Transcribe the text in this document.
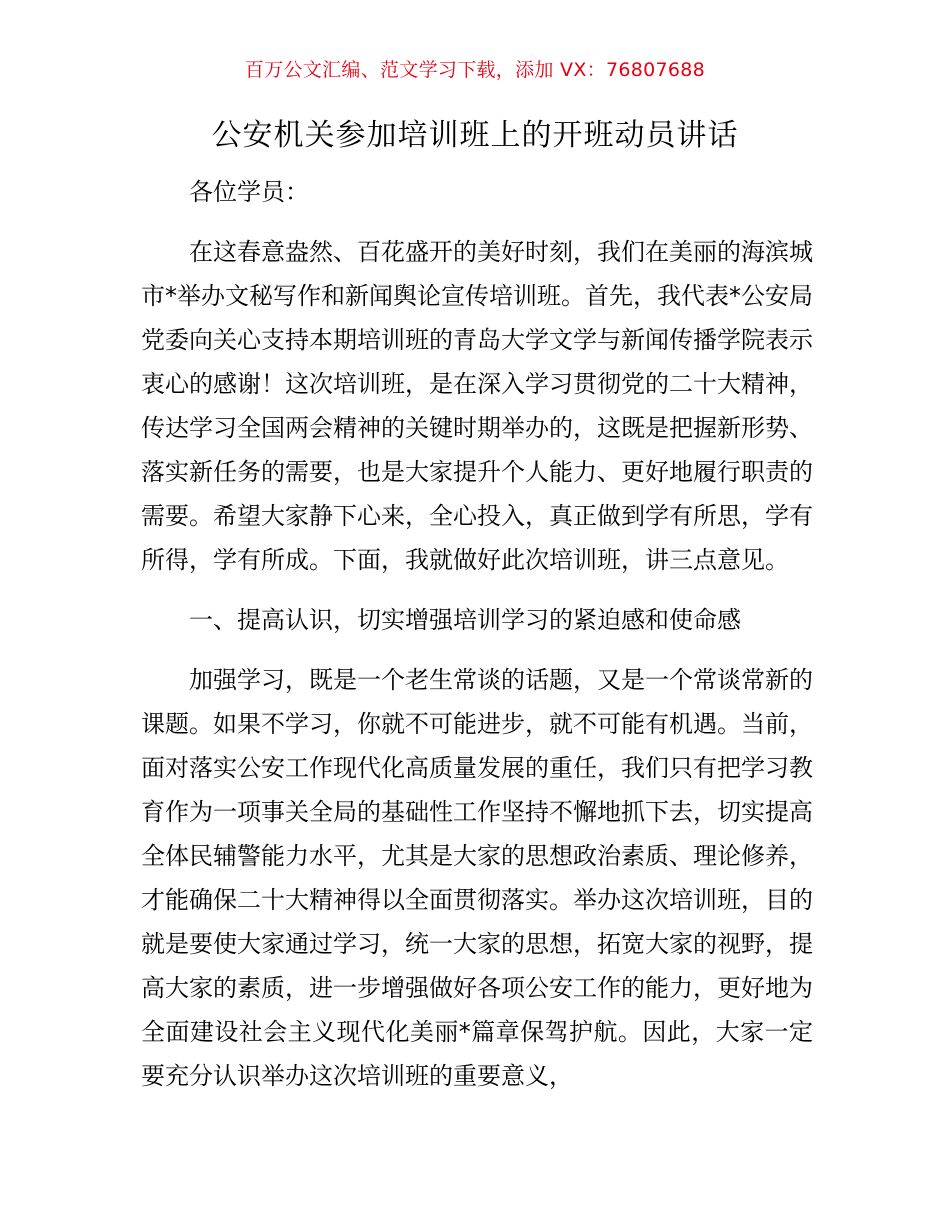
百万公文汇编、范文学习下载，添加 VX：76807688
公安机关参加培训班上的开班动员讲话

各位学员：

在这春意盎然、百花盛开的美好时刻，我们在美丽的海滨城市*举办文秘写作和新闻舆论宣传培训班。首先，我代表*公安局党委向关心支持本期培训班的青岛大学文学与新闻传播学院表示衷心的感谢！这次培训班，是在深入学习贯彻党的二十大精神，传达学习全国两会精神的关键时期举办的，这既是把握新形势、落实新任务的需要，也是大家提升个人能力、更好地履行职责的需要。希望大家静下心来，全心投入，真正做到学有所思，学有所得，学有所成。下面，我就做好此次培训班，讲三点意见。

一、提高认识，切实增强培训学习的紧迫感和使命感

加强学习，既是一个老生常谈的话题，又是一个常谈常新的课题。如果不学习，你就不可能进步，就不可能有机遇。当前，面对落实公安工作现代化高质量发展的重任，我们只有把学习教育作为一项事关全局的基础性工作坚持不懈地抓下去，切实提高全体民辅警能力水平，尤其是大家的思想政治素质、理论修养，才能确保二十大精神得以全面贯彻落实。举办这次培训班，目的就是要使大家通过学习，统一大家的思想，拓宽大家的视野，提高大家的素质，进一步增强做好各项公安工作的能力，更好地为全面建设社会主义现代化美丽*篇章保驾护航。因此，大家一定要充分认识举办这次培训班的重要意义，
